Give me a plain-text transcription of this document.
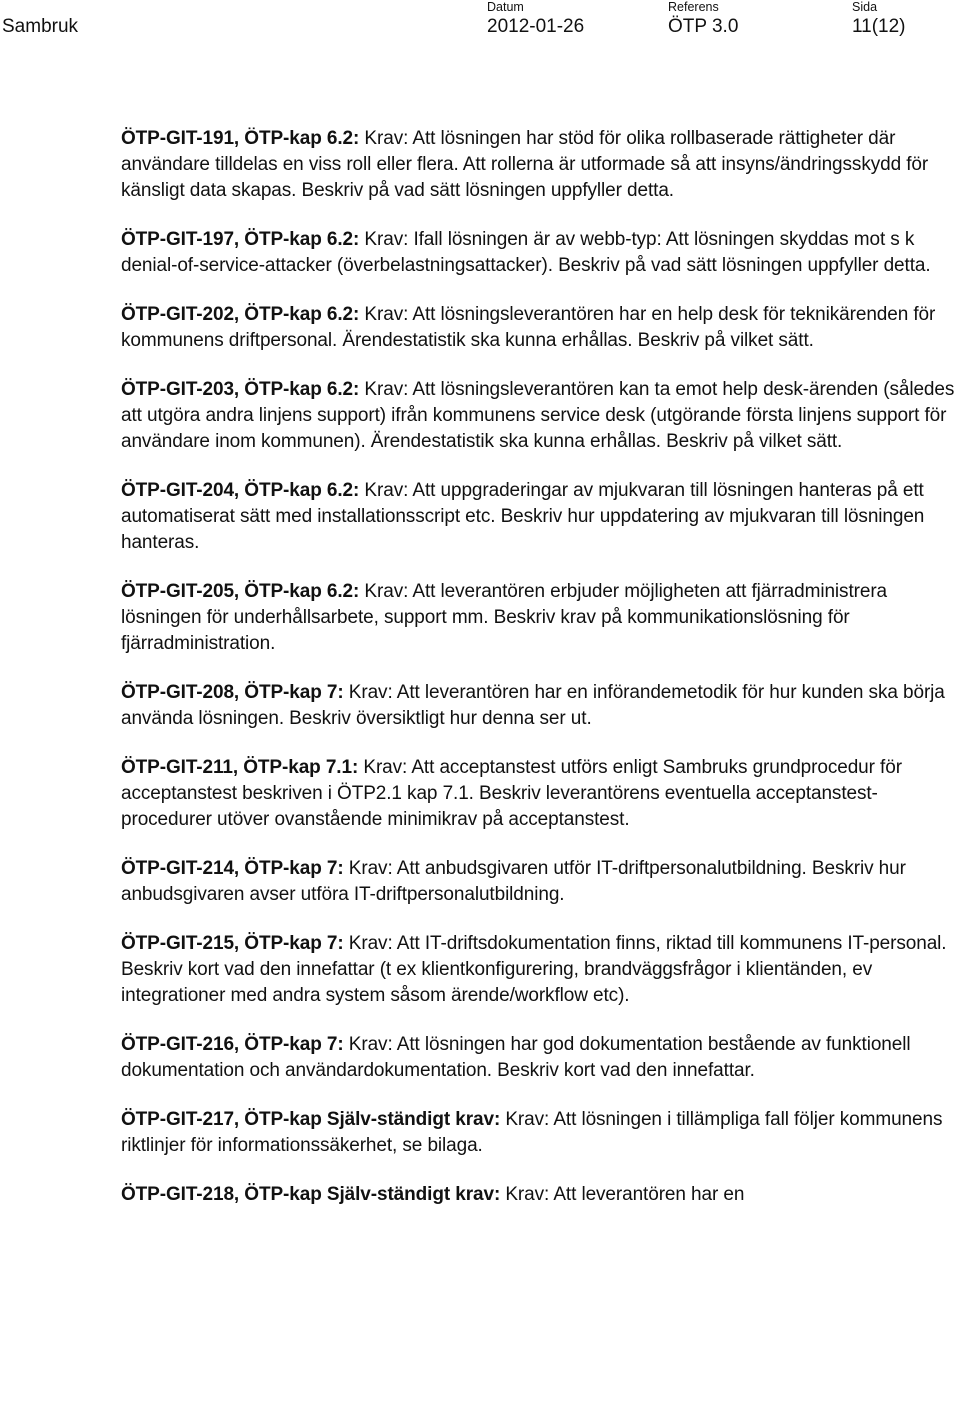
Sambruk
Datum
2012-01-26
Referens
ÖTP 3.0
Sida
11(12)

ÖTP-GIT-191, ÖTP-kap 6.2: Krav: Att lösningen har stöd för olika rollbaserade rättigheter där användare tilldelas en viss roll eller flera. Att rollerna är utformade så att insyns/ändringsskydd för känsligt data skapas. Beskriv på vad sätt lösningen uppfyller detta.

ÖTP-GIT-197, ÖTP-kap 6.2: Krav: Ifall lösningen är av webb-typ: Att lösningen skyddas mot s k denial-of-service-attacker (överbelastningsattacker). Beskriv på vad sätt lösningen uppfyller detta.

ÖTP-GIT-202, ÖTP-kap 6.2: Krav: Att lösningsleverantören har en help desk för teknikärenden för kommunens driftpersonal. Ärendestatistik ska kunna erhållas. Beskriv på vilket sätt.

ÖTP-GIT-203, ÖTP-kap 6.2: Krav: Att lösningsleverantören kan ta emot help desk-ärenden (således att utgöra andra linjens support) ifrån kommunens service desk (utgörande första linjens support för användare inom kommunen). Ärendestatistik ska kunna erhållas. Beskriv på vilket sätt.

ÖTP-GIT-204, ÖTP-kap 6.2: Krav: Att uppgraderingar av mjukvaran till lösningen hanteras på ett automatiserat sätt med installationsscript etc. Beskriv hur uppdatering av mjukvaran till lösningen hanteras.

ÖTP-GIT-205, ÖTP-kap 6.2: Krav: Att leverantören erbjuder möjligheten att fjärradministrera lösningen för underhållsarbete, support mm. Beskriv krav på kommunikationslösning för fjärradministration.

ÖTP-GIT-208, ÖTP-kap 7: Krav: Att leverantören har en införandemetodik för hur kunden ska börja använda lösningen. Beskriv översiktligt hur denna ser ut.

ÖTP-GIT-211, ÖTP-kap 7.1: Krav: Att acceptanstest utförs enligt Sambruks grundprocedur för acceptanstest beskriven i ÖTP2.1 kap 7.1. Beskriv leverantörens eventuella acceptanstest-procedurer utöver ovanstående minimikrav på acceptanstest.

ÖTP-GIT-214, ÖTP-kap 7: Krav: Att anbudsgivaren utför IT-driftpersonalutbildning. Beskriv hur anbudsgivaren avser utföra IT-driftpersonalutbildning.

ÖTP-GIT-215, ÖTP-kap 7: Krav: Att IT-driftsdokumentation finns, riktad till kommunens IT-personal. Beskriv kort vad den innefattar (t ex klientkonfigurering, brandväggsfrågor i klientänden, ev integrationer med andra system såsom ärende/workflow etc).

ÖTP-GIT-216, ÖTP-kap 7: Krav: Att lösningen har god dokumentation bestående av funktionell dokumentation och användardokumentation. Beskriv kort vad den innefattar.

ÖTP-GIT-217, ÖTP-kap Själv-ständigt krav: Krav: Att lösningen i tillämpliga fall följer kommunens riktlinjer för informationssäkerhet, se bilaga.

ÖTP-GIT-218, ÖTP-kap Själv-ständigt krav: Krav: Att leverantören har en
